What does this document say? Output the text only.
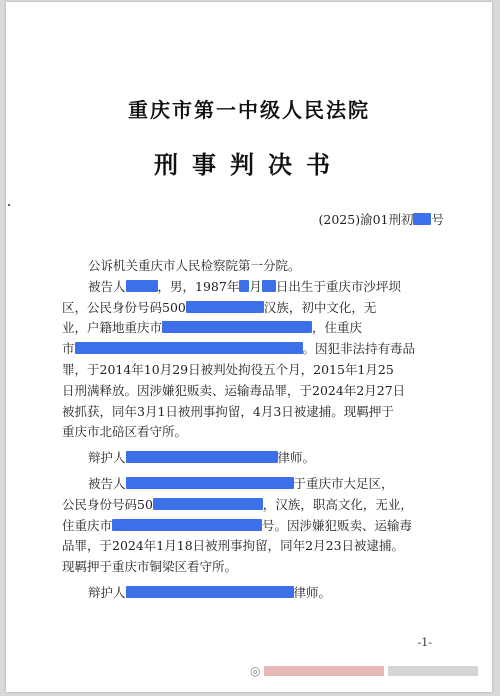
重庆市第一中级人民法院
刑事判决书
(2025)渝01刑初 号
公诉机关重庆市人民检察院第一分院。
被告人	，男，1987年 月 日出生于重庆市沙坪坝
区，公民身份号码500	汉族，初中文化，无
业，户籍地重庆市	，住重庆
市	。因犯非法持有毒品
罪，于2014年10月29日被判处拘役五个月，2015年1月25
日刑满释放。因涉嫌犯贩卖、运输毒品罪，于2024年2月27日
被抓获，同年3月1日被刑事拘留，4月3日被逮捕。现羁押于
重庆市北碚区看守所。
辩护人	律师。
被告人	于重庆市大足区，
公民身份号码50	，汉族，职高文化，无业，
住重庆市	号。因涉嫌犯贩卖、运输毒
品罪，于2024年1月18日被刑事拘留，同年2月23日被逮捕。
现羁押于重庆市铜梁区看守所。
辩护人	律师。
-1-
◎
